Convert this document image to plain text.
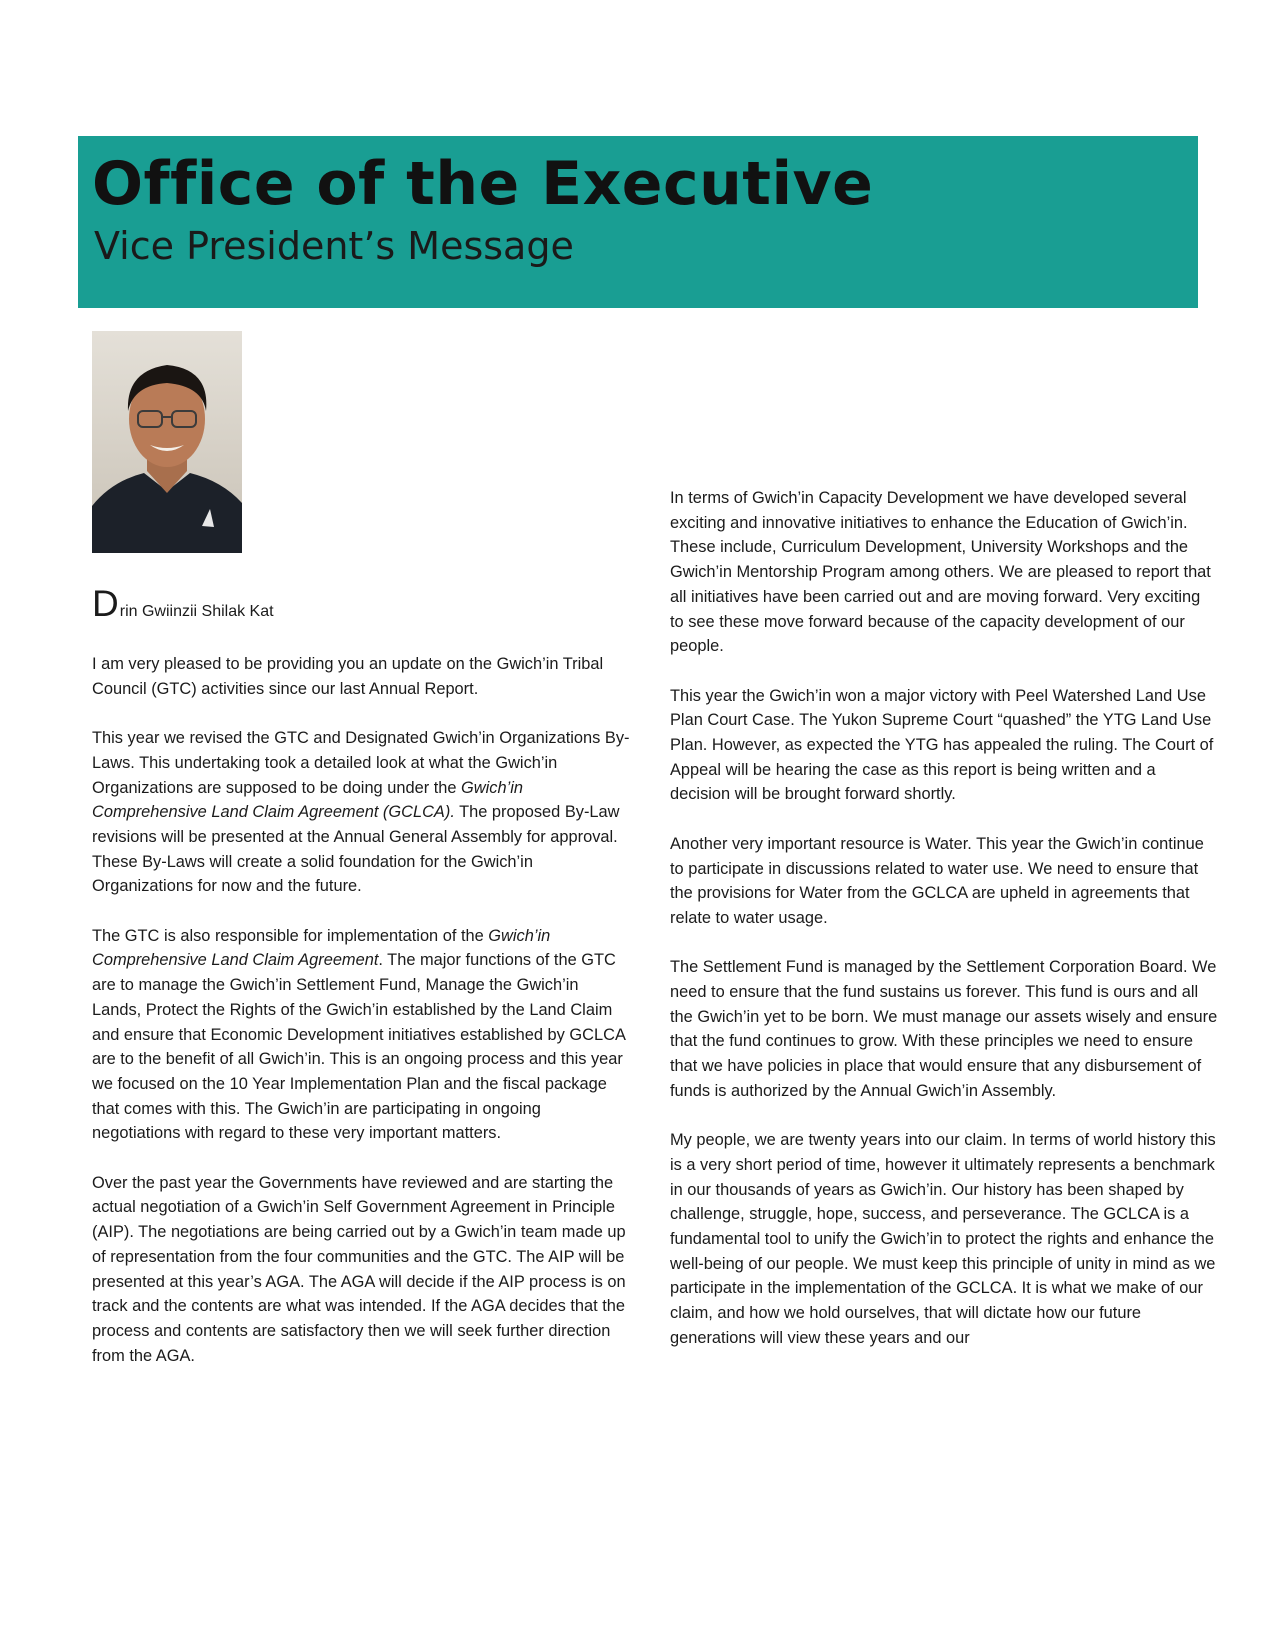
Office of the Executive
Vice President’s Message
Drin Gwiinzii Shilak Kat

I am very pleased to be providing you an update on the Gwich’in Tribal Council (GTC) activities since our last Annual Report.

This year we revised the GTC and Designated Gwich’in Organizations By-Laws. This undertaking took a detailed look at what the Gwich’in Organizations are supposed to be doing under the Gwich’in Comprehensive Land Claim Agreement (GCLCA). The proposed By-Law revisions will be presented at the Annual General Assembly for approval. These By-Laws will create a solid foundation for the Gwich’in Organizations for now and the future.

The GTC is also responsible for implementation of the Gwich’in Comprehensive Land Claim Agreement. The major functions of the GTC are to manage the Gwich’in Settlement Fund, Manage the Gwich’in Lands, Protect the Rights of the Gwich’in established by the Land Claim and ensure that Economic Development initiatives established by GCLCA are to the benefit of all Gwich’in. This is an ongoing process and this year we focused on the 10 Year Implementation Plan and the fiscal package that comes with this. The Gwich’in are participating in ongoing negotiations with regard to these very important matters.

Over the past year the Governments have reviewed and are starting the actual negotiation of a Gwich’in Self Government Agreement in Principle (AIP). The negotiations are being carried out by a Gwich’in team made up of representation from the four communities and the GTC. The AIP will be presented at this year’s AGA. The AGA will decide if the AIP process is on track and the contents are what was intended. If the AGA decides that the process and contents are satisfactory then we will seek further direction from the AGA.

In terms of Gwich’in Capacity Development we have developed several exciting and innovative initiatives to enhance the Education of Gwich’in. These include, Curriculum Development, University Workshops and the Gwich’in Mentorship Program among others. We are pleased to report that all initiatives have been carried out and are moving forward. Very exciting to see these move forward because of the capacity development of our people.

This year the Gwich’in won a major victory with Peel Watershed Land Use Plan Court Case. The Yukon Supreme Court “quashed” the YTG Land Use Plan. However, as expected the YTG has appealed the ruling. The Court of Appeal will be hearing the case as this report is being written and a decision will be brought forward shortly.

Another very important resource is Water. This year the Gwich’in continue to participate in discussions related to water use. We need to ensure that the provisions for Water from the GCLCA are upheld in agreements that relate to water usage.

The Settlement Fund is managed by the Settlement Corporation Board. We need to ensure that the fund sustains us forever. This fund is ours and all the Gwich’in yet to be born. We must manage our assets wisely and ensure that the fund continues to grow. With these principles we need to ensure that we have policies in place that would ensure that any disbursement of funds is authorized by the Annual Gwich’in Assembly.

My people, we are twenty years into our claim. In terms of world history this is a very short period of time, however it ultimately represents a benchmark in our thousands of years as Gwich’in. Our history has been shaped by challenge, struggle, hope, success, and perseverance. The GCLCA is a fundamental tool to unify the Gwich’in to protect the rights and enhance the well-being of our people. We must keep this principle of unity in mind as we participate in the implementation of the GCLCA. It is what we make of our claim, and how we hold ourselves, that will dictate how our future generations will view these years and our
